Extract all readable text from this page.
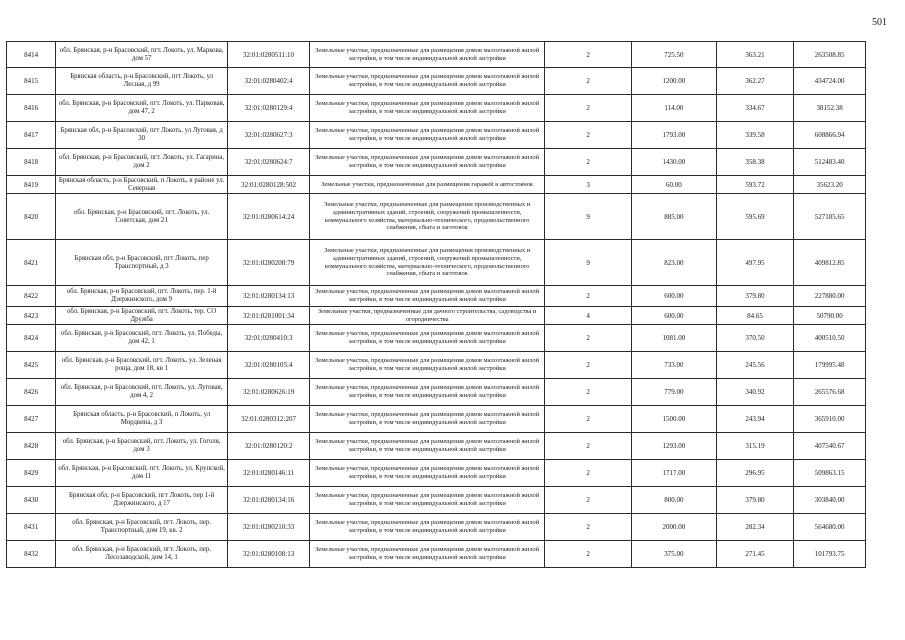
501
8414	обл. Брянская, р-н Брасовский, пгт. Локоть, ул. Маркова, дом 57	32:01:0280511:10	Земельные участки, предназначенные для размещения домов малоэтажной жилой застройки, в том числе индивидуальной жилой застройки	2	725.50	363.21	263508.85
8415	Брянская область, р-н Брасовский, пгт Локоть, ул Лесная, д 99	32:01:0280402:4	Земельные участки, предназначенные для размещения домов малоэтажной жилой застройки, в том числе индивидуальной жилой застройки	2	1200.00	362.27	434724.00
8416	обл. Брянская, р-н Брасовский, пгт. Локоть, ул. Парковая, дом 47, 2	32:01:0280129:4	Земельные участки, предназначенные для размещения домов малоэтажной жилой застройки, в том числе индивидуальной жилой застройки	2	114.00	334.67	38152.38
8417	Брянская обл, р-н Брасовский, пгт Локоть, ул Луговая, д 30	32:01:0280627:3	Земельные участки, предназначенные для размещения домов малоэтажной жилой застройки, в том числе индивидуальной жилой застройки	2	1793.00	339.58	608866.94
8418	обл. Брянская, р-н Брасовский, пгт. Локоть, ул. Гагарина, дом 2	32:01:0280624:7	Земельные участки, предназначенные для размещения домов малоэтажной жилой застройки, в том числе индивидуальной жилой застройки	2	1430.00	358.38	512483.40
8419	Брянская область, р-н Брасовский, п Локоть, в районе ул. Северная	32:01:0280128:502	Земельные участки, предназначенные для размещения гаражей и автостоянок	3	60.00	593.72	35623.20
8420	обл. Брянская, р-н Брасовский, пгт. Локоть, ул. Советская, дом 21	32:01:0280614:24	Земельные участки, предназначенные для размещения производственных и административных зданий, строений, сооружений промышленности, коммунального хозяйства, материально-технического, продовольственного снабжения, сбыта и заготовок	9	885.00	595.69	527185.65
8421	Брянская обл, р-н Брасовский, пгт Локоть, пер Транспортный, д 3	32:01:0280208:79	Земельные участки, предназначенные для размещения производственных и административных зданий, строений, сооружений промышленности, коммунального хозяйства, материально-технического, продовольственного снабжения, сбыта и заготовок	9	823.00	497.95	409812.85
8422	обл. Брянская, р-н Брасовский, пгт. Локоть, пер. 1-й Дзержинского, дом 9	32:01:0280134:13	Земельные участки, предназначенные для размещения домов малоэтажной жилой застройки, в том числе индивидуальной жилой застройки	2	600.00	379.80	227880.00
8423	обл. Брянская, р-н Брасовский, пгт. Локоть, тер. СО Дружба	32:01:0281001:34	Земельные участки, предназначенные для дачного строительства, садоводства и огородничества	4	600.00	84.65	50790.00
8424	обл. Брянская, р-н Брасовский, пгт. Локоть, ул. Победы, дом 42, 1	32:01:0280410:3	Земельные участки, предназначенные для размещения домов малоэтажной жилой застройки, в том числе индивидуальной жилой застройки	2	1081.00	370.50	400510.50
8425	обл. Брянская, р-н Брасовский, пгт. Локоть, ул. Зеленая роща, дом 18, кв 1	32:01:0280105:4	Земельные участки, предназначенные для размещения домов малоэтажной жилой застройки, в том числе индивидуальной жилой застройки	2	733.00	245.56	179995.48
8426	обл. Брянская, р-н Брасовский, пгт. Локоть, ул. Луговая, дом 4, 2	32:01:0280626:19	Земельные участки, предназначенные для размещения домов малоэтажной жилой застройки, в том числе индивидуальной жилой застройки	2	779.00	340.92	265576.68
8427	Брянская область, р-н Брасовский, п Локоть, ул Мордвина, д 3	32:01:0280312:207	Земельные участки, предназначенные для размещения домов малоэтажной жилой застройки, в том числе индивидуальной жилой застройки	2	1500.00	243.94	365910.00
8428	обл. Брянская, р-н Брасовский, пгт. Локоть, ул. Гоголя, дом 3	32:01:0280120:2	Земельные участки, предназначенные для размещения домов малоэтажной жилой застройки, в том числе индивидуальной жилой застройки	2	1293.00	315.19	407540.67
8429	обл. Брянская, р-н Брасовский, пгт. Локоть, ул. Крупской, дом 11	32:01:0280146:11	Земельные участки, предназначенные для размещения домов малоэтажной жилой застройки, в том числе индивидуальной жилой застройки	2	1717.00	296.95	509863.15
8430	Брянская обл, р-н Брасовский, пгт Локоть, пер 1-й Дзержинского, д 17	32:01:0280134:16	Земельные участки, предназначенные для размещения домов малоэтажной жилой застройки, в том числе индивидуальной жилой застройки	2	800.00	379.80	303840.00
8431	обл. Брянская, р-н Брасовский, пгт. Локоть, пер. Транспортный, дом 19, кв. 2	32:01:0280210:33	Земельные участки, предназначенные для размещения домов малоэтажной жилой застройки, в том числе индивидуальной жилой застройки	2	2000.00	282.34	564680.00
8432	обл. Брянская, р-н Брасовский, пгт. Локоть, пер. Лесозаводской, дом 14, 1	32:01:0280108:13	Земельные участки, предназначенные для размещения домов малоэтажной жилой застройки, в том числе индивидуальной жилой застройки	2	375.00	271.45	101793.75
